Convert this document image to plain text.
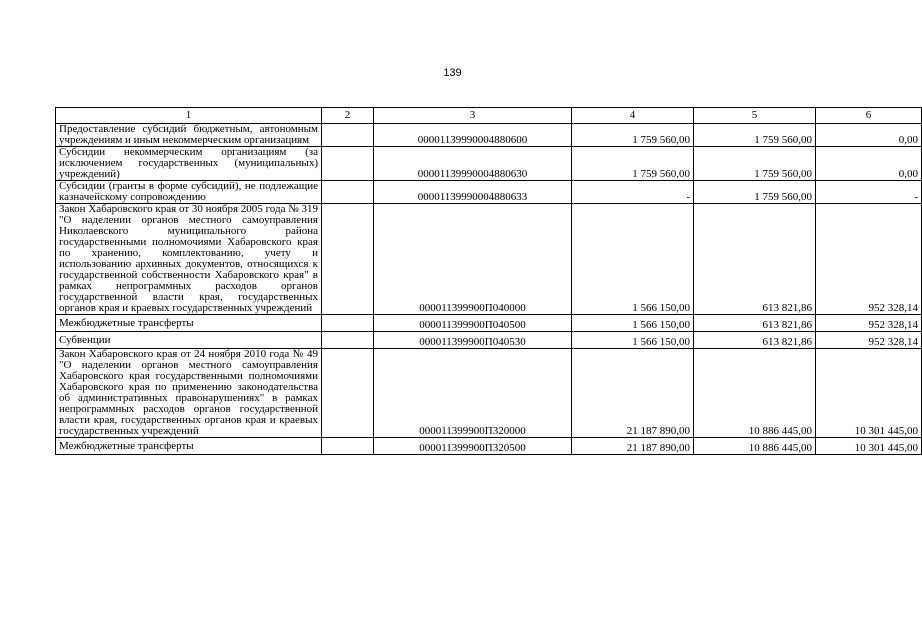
139
1	2	3	4	5	6
Предоставление субсидий бюджетным, автономным учреждениям и иным некоммерческим организациям		00001139990004880600	1 759 560,00	1 759 560,00	0,00
Субсидии некоммерческим организациям (за исключением государственных (муниципальных) учреждений)		00001139990004880630	1 759 560,00	1 759 560,00	0,00
Субсидии (гранты в форме субсидий), не подлежащие казначейскому сопровождению		00001139990004880633	-	1 759 560,00	-
Закон Хабаровского края от 30 ноября 2005 года № 319 "О наделении органов местного самоуправления Николаевского муниципального района государственными полномочиями Хабаровского края по хранению, комплектованию, учету и использованию архивных документов, относящихся к государственной собственности Хабаровского края" в рамках непрограммных расходов органов государственной власти края, государственных органов края и краевых государственных учреждений		000011399900П040000	1 566 150,00	613 821,86	952 328,14
Межбюджетные трансферты		000011399900П040500	1 566 150,00	613 821,86	952 328,14
Субвенции		000011399900П040530	1 566 150,00	613 821,86	952 328,14
Закон Хабаровского края от 24 ноября 2010 года № 49 "О наделении органов местного самоуправления Хабаровского края государственными полномочиями Хабаровского края по применению законодательства об административных правонарушениях" в рамках непрограммных расходов органов государственной власти края, государственных органов края и краевых государственных учреждений		000011399900П320000	21 187 890,00	10 886 445,00	10 301 445,00
Межбюджетные трансферты		000011399900П320500	21 187 890,00	10 886 445,00	10 301 445,00
